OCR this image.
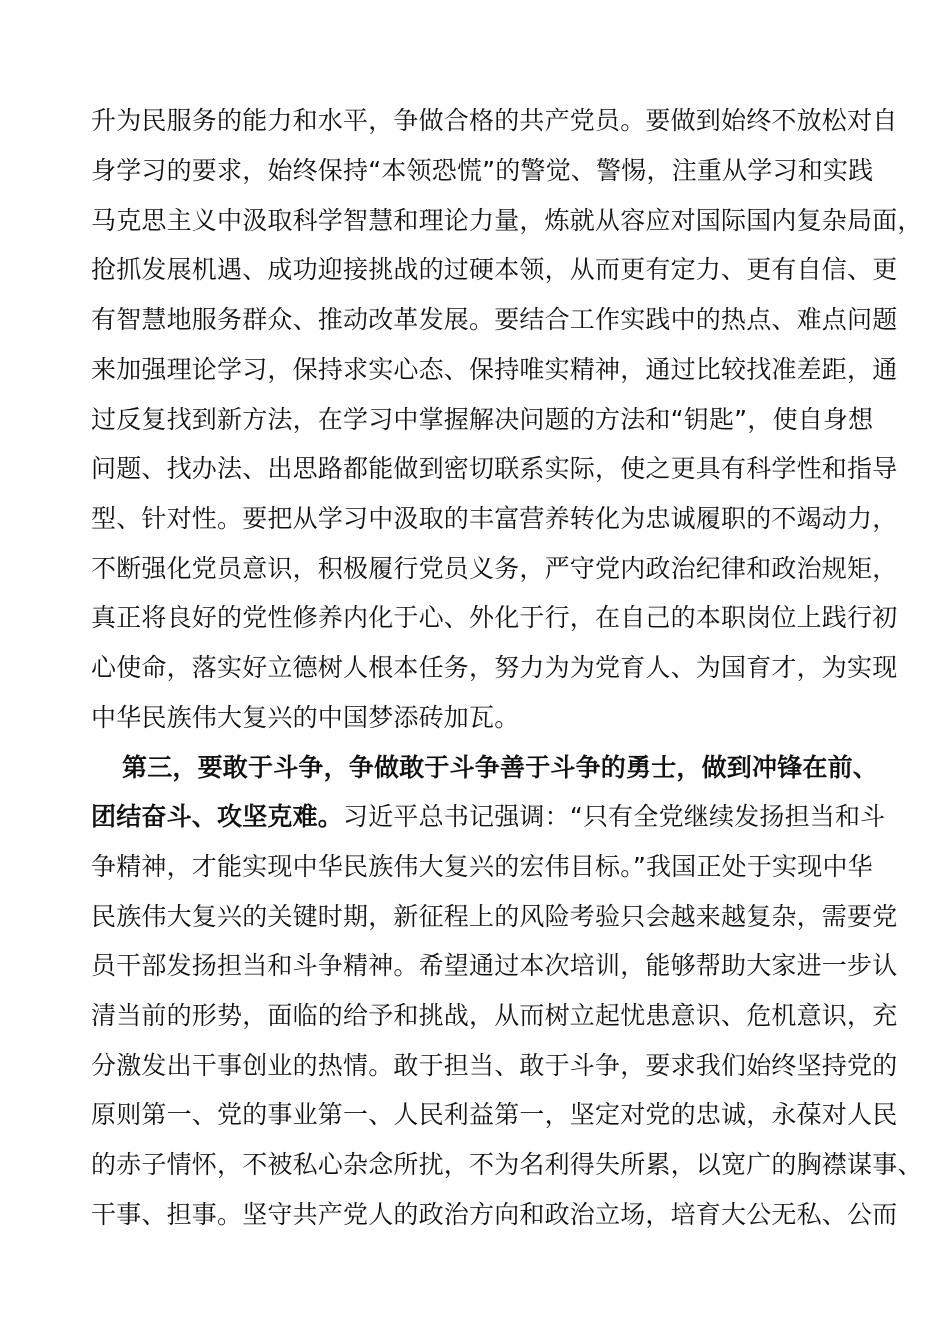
升为民服务的能力和水平，争做合格的共产党员。要做到始终不放松对自
身学习的要求，始终保持“本领恐慌”的警觉、警惕，注重从学习和实践
马克思主义中汲取科学智慧和理论力量，炼就从容应对国际国内复杂局面，
抢抓发展机遇、成功迎接挑战的过硬本领，从而更有定力、更有自信、更
有智慧地服务群众、推动改革发展。要结合工作实践中的热点、难点问题
来加强理论学习，保持求实心态、保持唯实精神，通过比较找准差距，通
过反复找到新方法，在学习中掌握解决问题的方法和“钥匙”，使自身想
问题、找办法、出思路都能做到密切联系实际，使之更具有科学性和指导
型、针对性。要把从学习中汲取的丰富营养转化为忠诚履职的不竭动力，
不断强化党员意识，积极履行党员义务，严守党内政治纪律和政治规矩，
真正将良好的党性修养内化于心、外化于行，在自己的本职岗位上践行初
心使命，落实好立德树人根本任务，努力为为党育人、为国育才，为实现
中华民族伟大复兴的中国梦添砖加瓦。
第三，要敢于斗争，争做敢于斗争善于斗争的勇士，做到冲锋在前、
团结奋斗、攻坚克难。习近平总书记强调：“只有全党继续发扬担当和斗
争精神，才能实现中华民族伟大复兴的宏伟目标。”我国正处于实现中华
民族伟大复兴的关键时期，新征程上的风险考验只会越来越复杂，需要党
员干部发扬担当和斗争精神。希望通过本次培训，能够帮助大家进一步认
清当前的形势，面临的给予和挑战，从而树立起忧患意识、危机意识，充
分激发出干事创业的热情。敢于担当、敢于斗争，要求我们始终坚持党的
原则第一、党的事业第一、人民利益第一，坚定对党的忠诚，永葆对人民
的赤子情怀，不被私心杂念所扰，不为名利得失所累，以宽广的胸襟谋事、
干事、担事。坚守共产党人的政治方向和政治立场，培育大公无私、公而
